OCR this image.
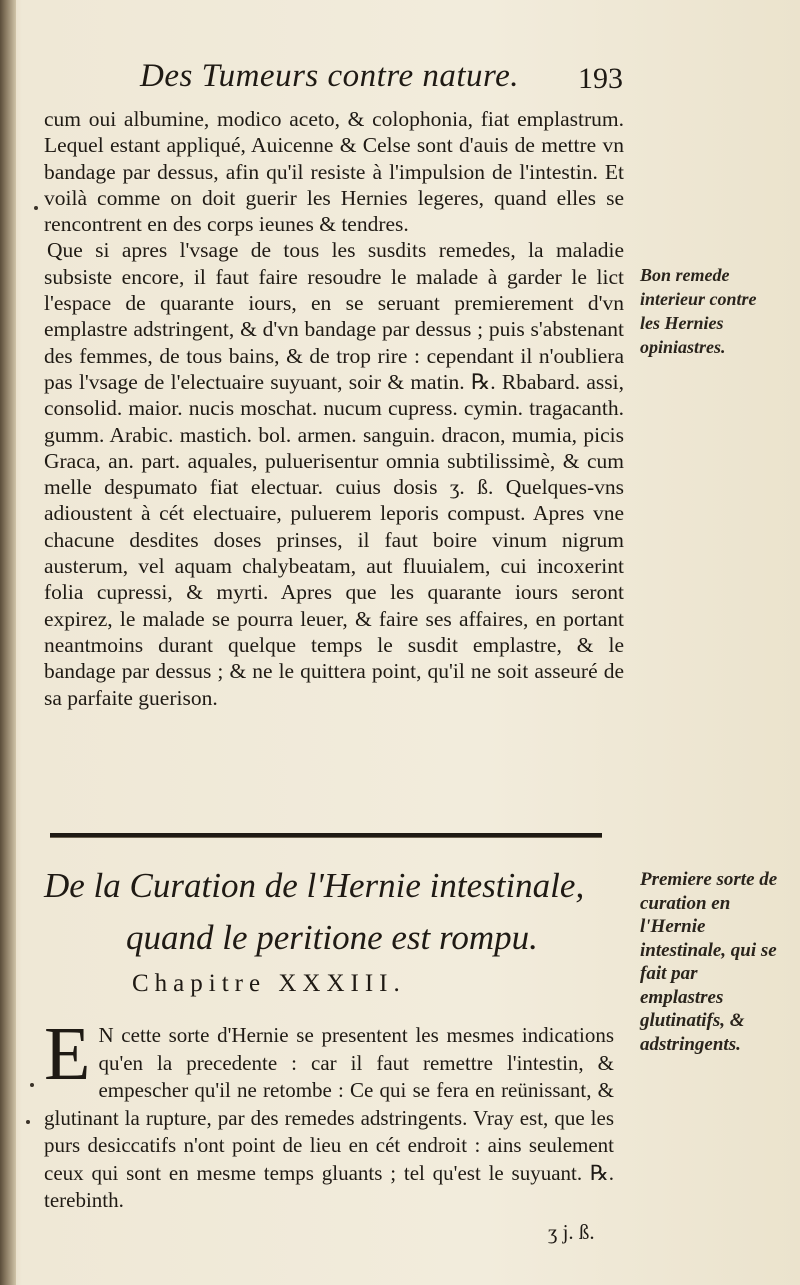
Des Tumeurs contre nature. 193

cum oui albumine, modico aceto, & colophonia, fiat emplastrum. Lequel estant appliqué, Auicenne & Celse sont d'auis de mettre vn bandage par dessus, afin qu'il resiste à l'impulsion de l'intestin. Et voilà comme on doit guerir les Hernies legeres, quand elles se rencontrent en des corps ieunes & tendres.

Que si apres l'vsage de tous les susdits remedes, la maladie subsiste encore, il faut faire resoudre le malade à garder le lict l'espace de quarante iours, en se seruant premierement d'vn emplastre adstringent, & d'vn bandage par dessus ; puis s'abstenant des femmes, de tous bains, & de trop rire : cependant il n'oubliera pas l'vsage de l'electuaire suyuant, soir & matin. ℞. Rbabard. assi, consolid. maior. nucis moschat. nucum cupress. cymin. tragacanth. gumm. Arabic. mastich. bol. armen. sanguin. dracon, mumia, picis Graca, an. part. aquales, puluerisentur omnia subtilissimè, & cum melle despumato fiat electuar. cuius dosis ʒ. ß. Quelques-vns adioustent à cét electuaire, puluerem leporis compust. Apres vne chacune desdites doses prinses, il faut boire vinum nigrum austerum, vel aquam chalybeatam, aut fluuialem, cui incoxerint folia cupressi, & myrti. Apres que les quarante iours seront expirez, le malade se pourra leuer, & faire ses affaires, en portant neantmoins durant quelque temps le susdit emplastre, & le bandage par dessus ; & ne le quittera point, qu'il ne soit asseuré de sa parfaite guerison.

Bon remede interieur contre les Hernies opiniastres.
De la Curation de l'Hernie intestinale,
quand le peritione est rompu.
Chapitre XXXIII.
Premiere sorte de curation en l'Hernie intestinale, qui se fait par emplastres glutinatifs, & adstringents.
E N cette sorte d'Hernie se presentent les mesmes indications qu'en la precedente : car il faut remettre l'intestin, & empescher qu'il ne retombe : Ce qui se fera en reünissant, & glutinant la rupture, par des remedes adstringents. Vray est, que les purs desiccatifs n'ont point de lieu en cét endroit : ains seulement ceux qui sont en mesme temps gluants ; tel qu'est le suyuant. ℞. terebinth.
ʒ j. ß.
